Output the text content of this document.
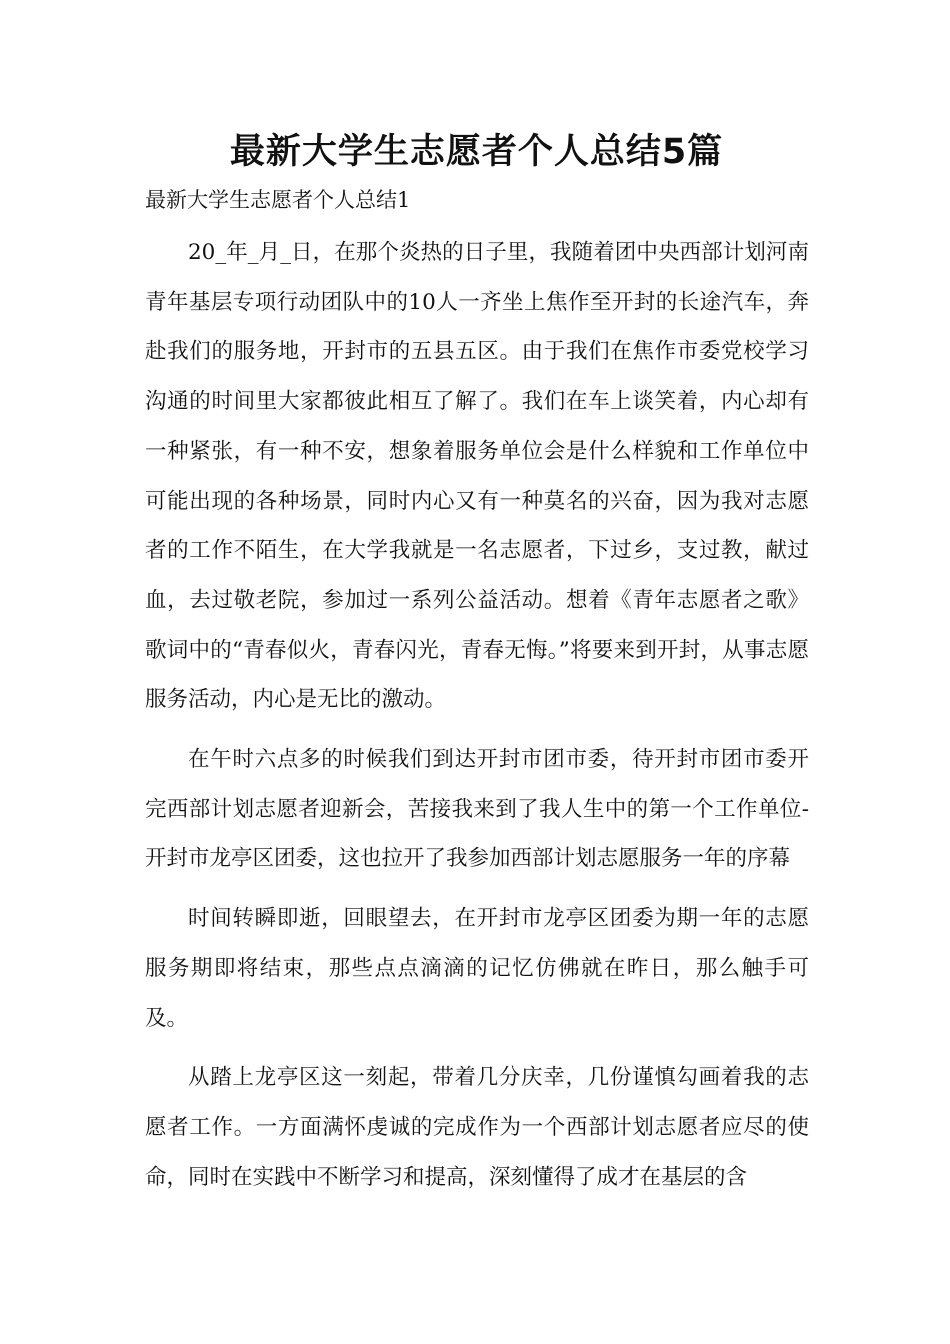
最新大学生志愿者个人总结5篇
最新大学生志愿者个人总结1

20_年_月_日，在那个炎热的日子里，我随着团中央西部计划河南青年基层专项行动团队中的10人一齐坐上焦作至开封的长途汽车，奔赴我们的服务地，开封市的五县五区。由于我们在焦作市委党校学习沟通的时间里大家都彼此相互了解了。我们在车上谈笑着，内心却有一种紧张，有一种不安，想象着服务单位会是什么样貌和工作单位中可能出现的各种场景，同时内心又有一种莫名的兴奋，因为我对志愿者的工作不陌生，在大学我就是一名志愿者，下过乡，支过教，献过血，去过敬老院，参加过一系列公益活动。想着《青年志愿者之歌》歌词中的“青春似火，青春闪光，青春无悔。”将要来到开封，从事志愿服务活动，内心是无比的激动。

在午时六点多的时候我们到达开封市团市委，待开封市团市委开完西部计划志愿者迎新会，苦接我来到了我人生中的第一个工作单位-开封市龙亭区团委，这也拉开了我参加西部计划志愿服务一年的序幕

时间转瞬即逝，回眼望去，在开封市龙亭区团委为期一年的志愿服务期即将结束，那些点点滴滴的记忆仿佛就在昨日，那么触手可及。

从踏上龙亭区这一刻起，带着几分庆幸，几份谨慎勾画着我的志愿者工作。一方面满怀虔诚的完成作为一个西部计划志愿者应尽的使命，同时在实践中不断学习和提高，深刻懂得了成才在基层的含
